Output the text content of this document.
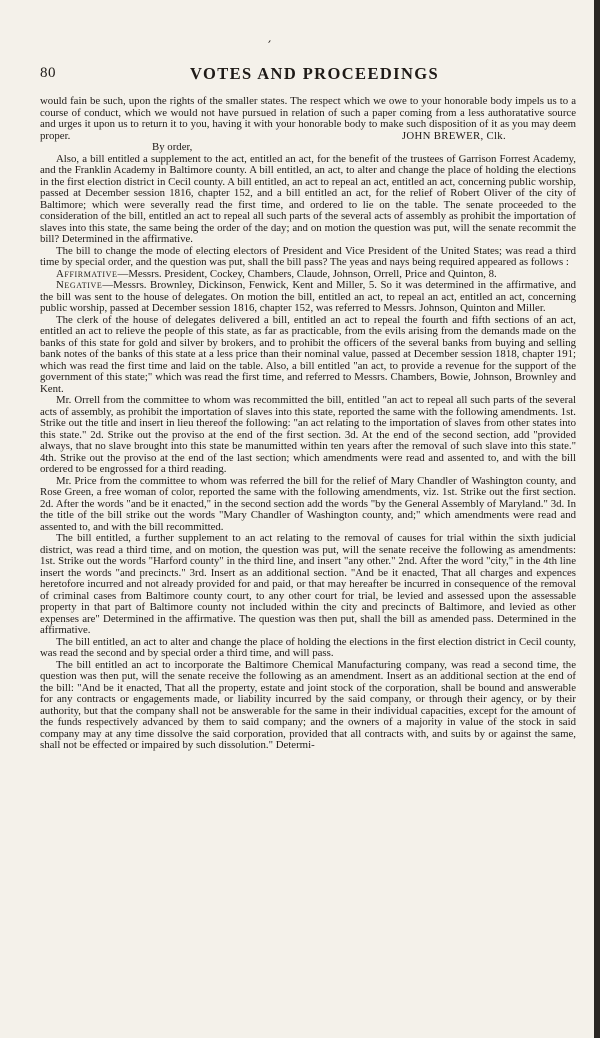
′
80	VOTES AND PROCEEDINGS

would fain be such, upon the rights of the smaller states. The respect which we owe to your honorable body impels us to a course of conduct, which we would not have pursued in relation of such a paper coming from a less authoratative source and urges it upon us to return it to you, having it with your honorable body to make such disposition of it as you may deem proper.

By order,
JOHN BREWER, Clk.

Also, a bill entitled a supplement to the act, entitled an act, for the benefit of the trustees of Garrison Forrest Academy, and the Franklin Academy in Baltimore county. A bill entitled, an act, to alter and change the place of holding the elections in the first election district in Cecil county. A bill entitled, an act to repeal an act, entitled an act, concerning public worship, passed at December session 1816, chapter 152, and a bill entitled an act, for the relief of Robert Oliver of the city of Baltimore; which were severally read the first time, and ordered to lie on the table. The senate proceeded to the consideration of the bill, entitled an act to repeal all such parts of the several acts of assembly as prohibit the importation of slaves into this state, the same being the order of the day; and on motion the question was put, will the senate recommit the bill? Determined in the affirmative.

The bill to change the mode of electing electors of President and Vice President of the United States; was read a third time by special order, and the question was put, shall the bill pass? The yeas and nays being required appeared as follows :

Affirmative—Messrs. President, Cockey, Chambers, Claude, Johnson, Orrell, Price and Quinton, 8.

Negative—Messrs. Brownley, Dickinson, Fenwick, Kent and Miller, 5. So it was determined in the affirmative, and the bill was sent to the house of delegates. On motion the bill, entitled an act, to repeal an act, entitled an act, concerning public worship, passed at December session 1816, chapter 152, was referred to Messrs. Johnson, Quinton and Miller.

The clerk of the house of delegates delivered a bill, entitled an act to repeal the fourth and fifth sections of an act, entitled an act to relieve the people of this state, as far as practicable, from the evils arising from the demands made on the banks of this state for gold and silver by brokers, and to prohibit the officers of the several banks from buying and selling bank notes of the banks of this state at a less price than their nominal value, passed at December session 1818, chapter 191; which was read the first time and laid on the table. Also, a bill entitled "an act, to provide a revenue for the support of the government of this state;" which was read the first time, and referred to Messrs. Chambers, Bowie, Johnson, Brownley and Kent.

Mr. Orrell from the committee to whom was recommitted the bill, entitled "an act to repeal all such parts of the several acts of assembly, as prohibit the importation of slaves into this state, reported the same with the following amendments. 1st. Strike out the title and insert in lieu thereof the following: "an act relating to the importation of slaves from other states into this state." 2d. Strike out the proviso at the end of the first section. 3d. At the end of the second section, add "provided always, that no slave brought into this state be manumitted within ten years after the removal of such slave into this state." 4th. Strike out the proviso at the end of the last section; which amendments were read and assented to, and with the bill ordered to be engrossed for a third reading.

Mr. Price from the committee to whom was referred the bill for the relief of Mary Chandler of Washington county, and Rose Green, a free woman of color, reported the same with the following amendments, viz. 1st. Strike out the first section. 2d. After the words "and be it enacted," in the second section add the words "by the General Assembly of Maryland." 3d. In the title of the bill strike out the words "Mary Chandler of Washington county, and;" which amendments were read and assented to, and with the bill recommitted.

The bill entitled, a further supplement to an act relating to the removal of causes for trial within the sixth judicial district, was read a third time, and on motion, the question was put, will the senate receive the following as amendments: 1st. Strike out the words "Harford county" in the third line, and insert "any other." 2nd. After the word "city," in the 4th line insert the words "and precincts." 3rd. Insert as an additional section. "And be it enacted, That all charges and expences heretofore incurred and not already provided for and paid, or that may hereafter be incurred in consequence of the removal of criminal cases from Baltimore county court, to any other court for trial, be levied and assessed upon the assessable property in that part of Baltimore county not included within the city and precincts of Baltimore, and levied as other expenses are" Determined in the affirmative. The question was then put, shall the bill as amended pass. Determined in the affirmative.

The bill entitled, an act to alter and change the place of holding the elections in the first election district in Cecil county, was read the second and by special order a third time, and will pass.

The bill entitled an act to incorporate the Baltimore Chemical Manufacturing company, was read a second time, the question was then put, will the senate receive the following as an amendment. Insert as an additional section at the end of the bill: "And be it enacted, That all the property, estate and joint stock of the corporation, shall be bound and answerable for any contracts or engagements made, or liability incurred by the said company, or through their agency, or by their authority, but that the company shall not be answerable for the same in their individual capacities, except for the amount of the funds respectively advanced by them to said company; and the owners of a majority in value of the stock in said company may at any time dissolve the said corporation, provided that all contracts with, and suits by or against the same, shall not be effected or impaired by such dissolution." Determi-
